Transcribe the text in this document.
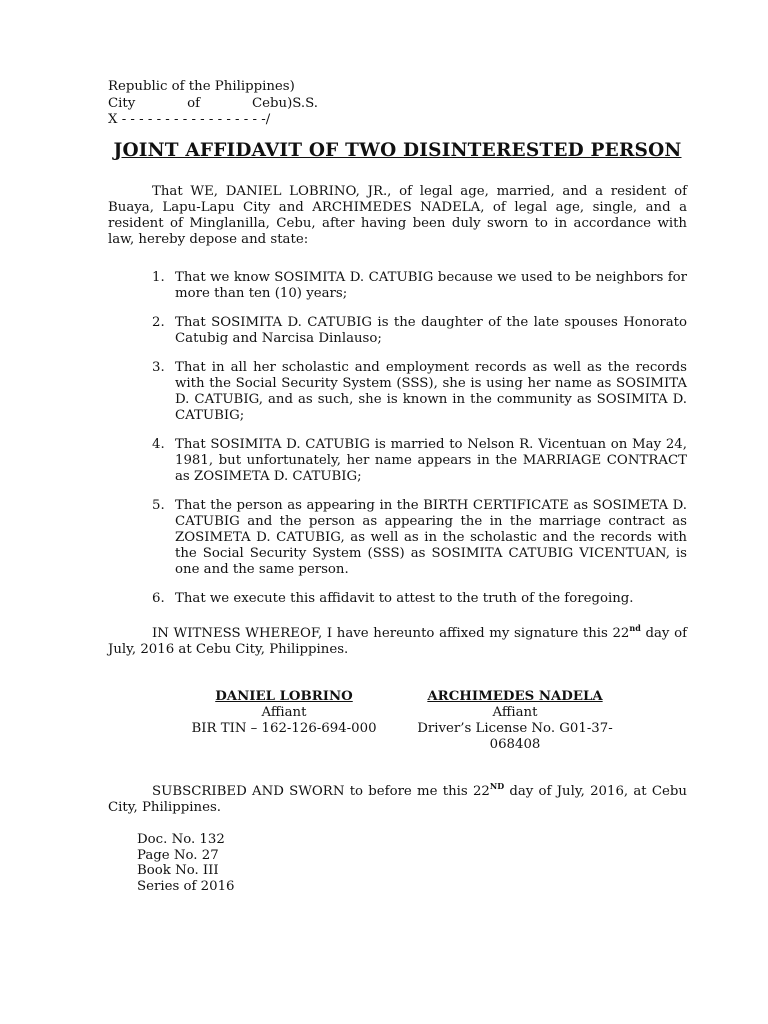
Republic of the Philippines)
City	of	Cebu)S.S.
X - - - - - - - - - - - - - - - - -/
JOINT AFFIDAVIT OF TWO DISINTERESTED PERSON
That WE, DANIEL LOBRINO, JR., of legal age, married, and a resident of Buaya, Lapu-Lapu City and ARCHIMEDES NADELA, of legal age, single, and a resident of Minglanilla, Cebu, after having been duly sworn to in accordance with law, hereby depose and state:
1. That we know SOSIMITA D. CATUBIG because we used to be neighbors for more than ten (10) years;
2. That SOSIMITA D. CATUBIG is the daughter of the late spouses Honorato Catubig and Narcisa Dinlauso;
3. That in all her scholastic and employment records as well as the records with the Social Security System (SSS), she is using her name as SOSIMITA D. CATUBIG, and as such, she is known in the community as SOSIMITA D. CATUBIG;
4. That SOSIMITA D. CATUBIG is married to Nelson R. Vicentuan on May 24, 1981, but unfortunately, her name appears in the MARRIAGE CONTRACT as ZOSIMETA D. CATUBIG;
5. That the person as appearing in the BIRTH CERTIFICATE as SOSIMETA D. CATUBIG and the person as appearing the in the marriage contract as ZOSIMETA D. CATUBIG, as well as in the scholastic and the records with the Social Security System (SSS) as SOSIMITA CATUBIG VICENTUAN, is one and the same person.
6. That we execute this affidavit to attest to the truth of the foregoing.
IN WITNESS WHEREOF, I have hereunto affixed my signature this 22nd day of July, 2016 at Cebu City, Philippines.
DANIEL LOBRINO
Affiant
BIR TIN – 162-126-694-000
ARCHIMEDES NADELA
Affiant
Driver’s License No. G01-37-068408
SUBSCRIBED AND SWORN to before me this 22ND day of July, 2016, at Cebu City, Philippines.
Doc. No. 132
Page No. 27
Book No. III
Series of 2016
